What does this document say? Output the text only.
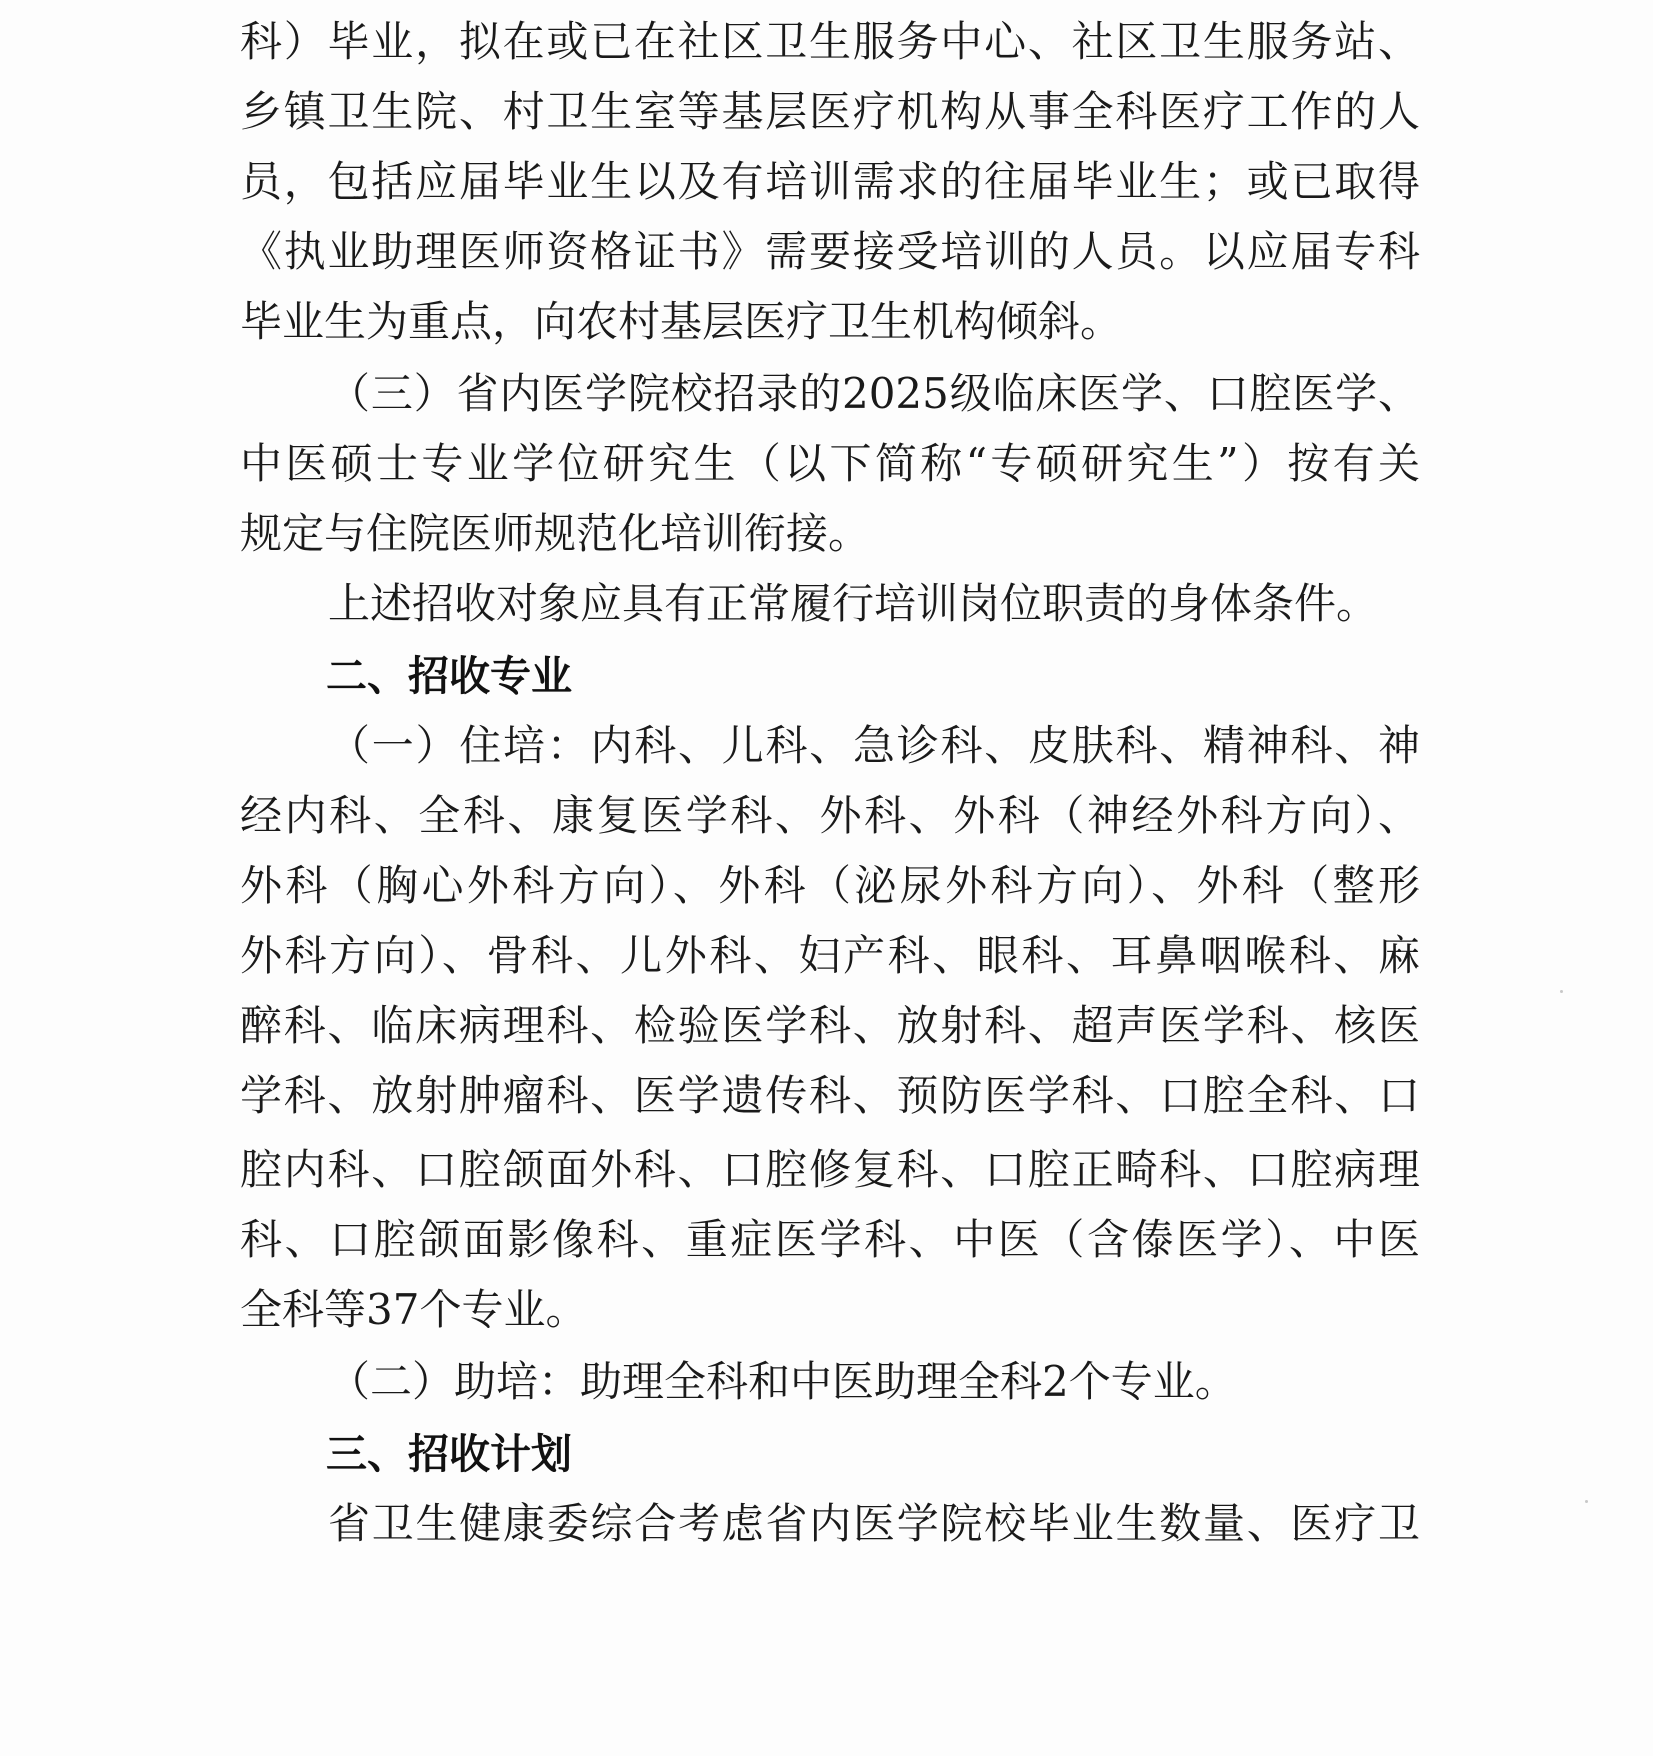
科）毕业，拟在或已在社区卫生服务中心、社区卫生服务站、
乡镇卫生院、村卫生室等基层医疗机构从事全科医疗工作的人
员，包括应届毕业生以及有培训需求的往届毕业生；或已取得
《执业助理医师资格证书》需要接受培训的人员。以应届专科
毕业生为重点，向农村基层医疗卫生机构倾斜。
（三）省内医学院校招录的2025级临床医学、口腔医学、
中医硕士专业学位研究生（以下简称“专硕研究生”）按有关
规定与住院医师规范化培训衔接。
上述招收对象应具有正常履行培训岗位职责的身体条件。
二、招收专业
（一）住培：内科、儿科、急诊科、皮肤科、精神科、神
经内科、全科、康复医学科、外科、外科（神经外科方向）、
外科（胸心外科方向）、外科（泌尿外科方向）、外科（整形
外科方向）、骨科、儿外科、妇产科、眼科、耳鼻咽喉科、麻
醉科、临床病理科、检验医学科、放射科、超声医学科、核医
学科、放射肿瘤科、医学遗传科、预防医学科、口腔全科、口
腔内科、口腔颌面外科、口腔修复科、口腔正畸科、口腔病理
科、口腔颌面影像科、重症医学科、中医（含傣医学）、中医
全科等37个专业。
（二）助培：助理全科和中医助理全科2个专业。
三、招收计划
省卫生健康委综合考虑省内医学院校毕业生数量、医疗卫
